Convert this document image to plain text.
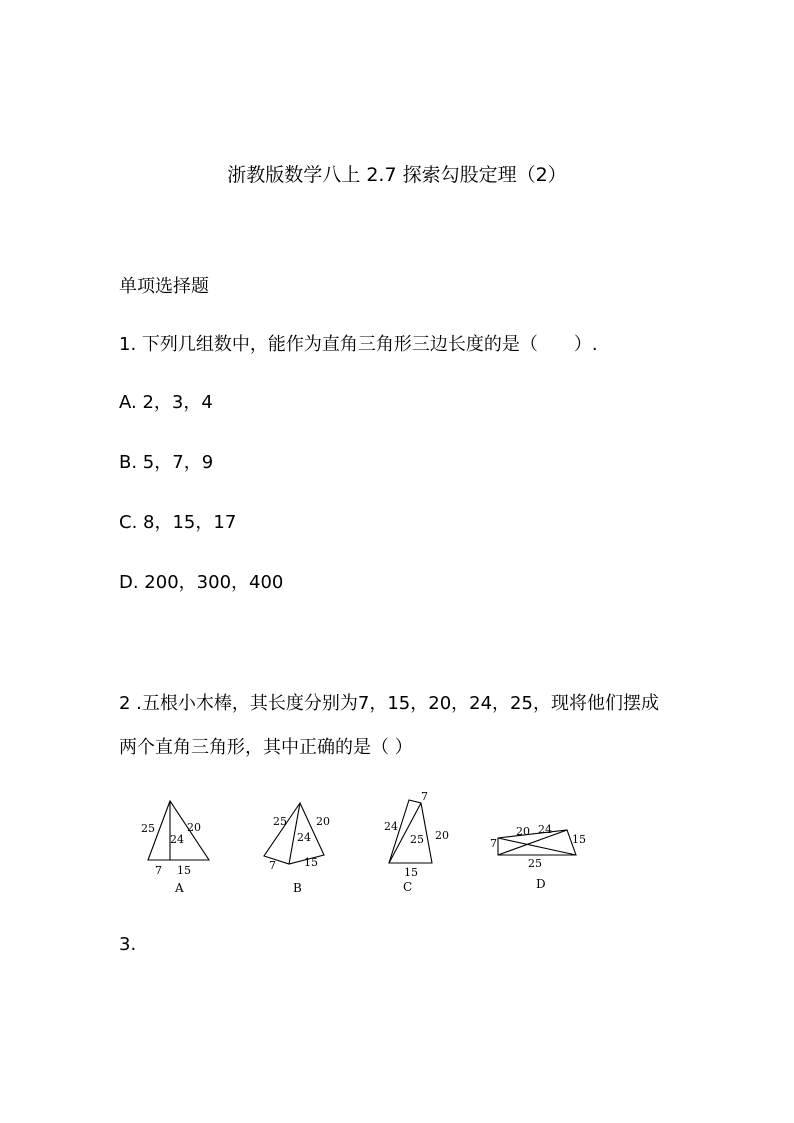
浙教版数学八上 2.7 探索勾股定理（2）
单项选择题
1. 下列几组数中，能作为直角三角形三边长度的是（　　）.
A. 2，3，4
B. 5，7，9
C. 8，15，17
D. 200，300，400
2 .五根小木棒，其长度分别为7，15，20，24，25，现将他们摆成
两个直角三角形，其中正确的是（ ）
25	20
24
7 15
A
25	20
24
7	15
B
7
24
25 20
15
C
20 24
7	15
25
D
3.
